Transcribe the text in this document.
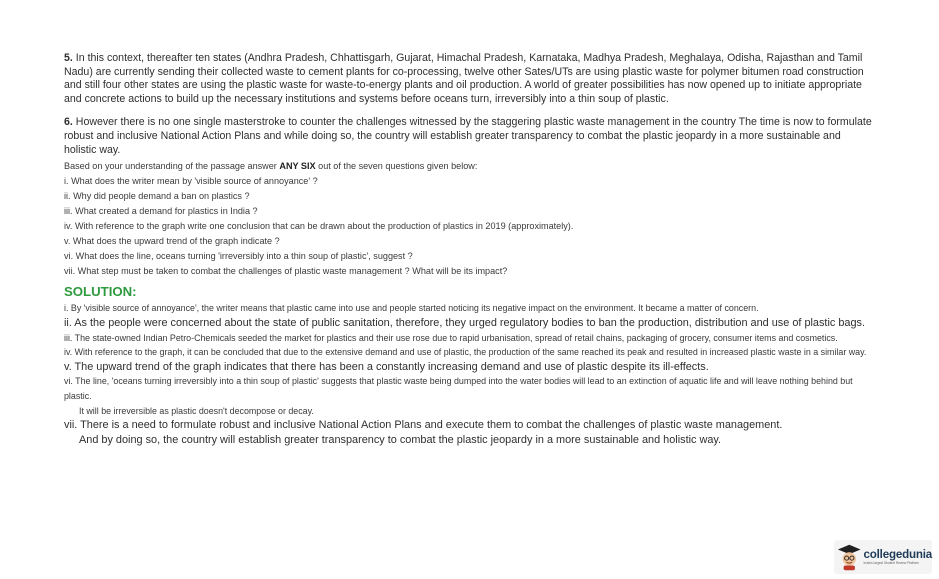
5. In this context, thereafter ten states (Andhra Pradesh, Chhattisgarh, Gujarat, Himachal Pradesh, Karnataka, Madhya Pradesh, Meghalaya, Odisha, Rajasthan and Tamil Nadu) are currently sending their collected waste to cement plants for co-processing, twelve other Sates/UTs are using plastic waste for polymer bitumen road construction and still four other states are using the plastic waste for waste-to-energy plants and oil production. A world of greater possibilities has now opened up to initiate appropriate and concrete actions to build up the necessary institutions and systems before oceans turn, irreversibly into a thin soup of plastic.

6. However there is no one single masterstroke to counter the challenges witnessed by the staggering plastic waste management in the country The time is now to formulate robust and inclusive National Action Plans and while doing so, the country will establish greater transparency to combat the plastic jeopardy in a more sustainable and holistic way.

Based on your understanding of the passage answer ANY SIX out of the seven questions given below:

i. What does the writer mean by 'visible source of annoyance' ?

ii. Why did people demand a ban on plastics ?

iii. What created a demand for plastics in India ?

iv. With reference to the graph write one conclusion that can be drawn about the production of plastics in 2019 (approximately).

v. What does the upward trend of the graph indicate ?

vi. What does the line, oceans turning 'irreversibly into a thin soup of plastic', suggest ?

vii. What step must be taken to combat the challenges of plastic waste management ? What will be its impact?

SOLUTION:

i. By 'visible source of annoyance', the writer means that plastic came into use and people started noticing its negative impact on the environment. It became a matter of concern.

ii. As the people were concerned about the state of public sanitation, therefore, they urged regulatory bodies to ban the production, distribution and use of plastic bags.

iii. The state-owned Indian Petro-Chemicals seeded the market for plastics and their use rose due to rapid urbanisation, spread of retail chains, packaging of grocery, consumer items and cosmetics.

iv. With reference to the graph, it can be concluded that due to the extensive demand and use of plastic, the production of the same reached its peak and resulted in increased plastic waste in a similar way.

v. The upward trend of the graph indicates that there has been a constantly increasing demand and use of plastic despite its ill-effects.

vi. The line, 'oceans turning irreversibly into a thin soup of plastic' suggests that plastic waste being dumped into the water bodies will lead to an extinction of aquatic life and will leave nothing behind but plastic.

It will be irreversible as plastic doesn't decompose or decay.

vii. There is a need to formulate robust and inclusive National Action Plans and execute them to combat the challenges of plastic waste management.

And by doing so, the country will establish greater transparency to combat the plastic jeopardy in a more sustainable and holistic way.

collegedunia
India's largest Student Review Platform
